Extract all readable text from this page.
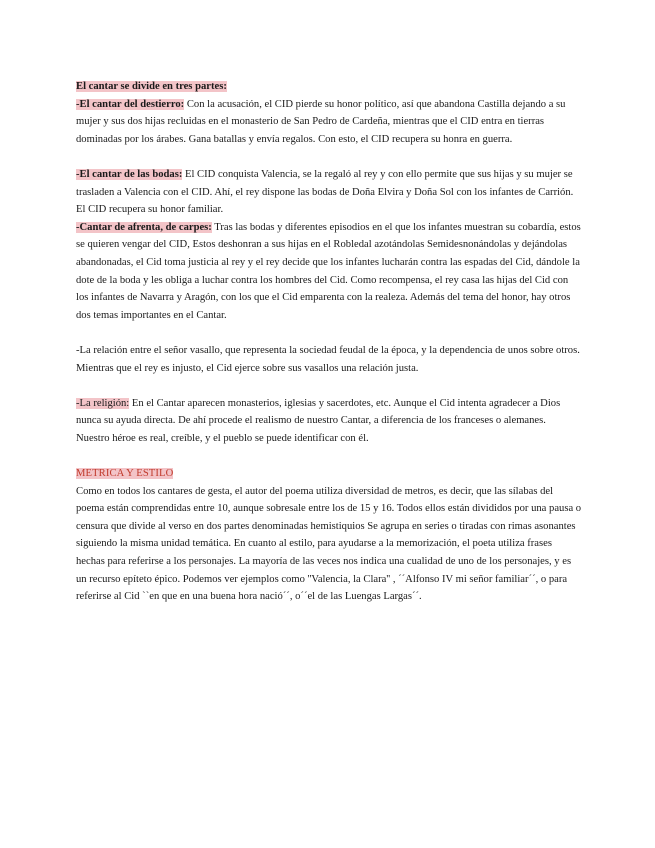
El cantar se divide en tres partes:

-El cantar del destierro: Con la acusación, el CID pierde su honor político, así que abandona Castilla dejando a su mujer y sus dos hijas recluidas en el monasterio de San Pedro de Cardeña, mientras que el CID entra en tierras dominadas por los árabes. Gana batallas y envía regalos. Con esto, el CID recupera su honra en guerra.

-El cantar de las bodas: El CID conquista Valencia, se la regaló al rey y con ello permite que sus hijas y su mujer se trasladen a Valencia con el CID. Ahí, el rey dispone las bodas de Doña Elvira y Doña Sol con los infantes de Carrión. El CID recupera su honor familiar.

-Cantar de afrenta, de carpes: Tras las bodas y diferentes episodios en el que los infantes muestran su cobardía, estos se quieren vengar del CID, Estos deshonran a sus hijas en el Robledal azotándolas Semidesnonándolas y dejándolas abandonadas, el Cid toma justicia al rey y el rey decide que los infantes lucharán contra las espadas del Cid, dándole la dote de la boda y les obliga a luchar contra los hombres del Cid. Como recompensa, el rey casa las hijas del Cid con los infantes de Navarra y Aragón, con los que el Cid emparenta con la realeza. Además del tema del honor, hay otros dos temas importantes en el Cantar.

-La relación entre el señor vasallo, que representa la sociedad feudal de la época, y la dependencia de unos sobre otros. Mientras que el rey es injusto, el Cid ejerce sobre sus vasallos una relación justa.

-La religión: En el Cantar aparecen monasterios, iglesias y sacerdotes, etc. Aunque el Cid intenta agradecer a Dios nunca su ayuda directa. De ahí procede el realismo de nuestro Cantar, a diferencia de los franceses o alemanes. Nuestro héroe es real, creíble, y el pueblo se puede identificar con él.

METRICA Y ESTILO

Como en todos los cantares de gesta, el autor del poema utiliza diversidad de metros, es decir, que las sílabas del poema están comprendidas entre 10, aunque sobresale entre los de 15 y 16. Todos ellos están divididos por una pausa o censura que divide al verso en dos partes denominadas hemistiquios Se agrupa en series o tiradas con rimas asonantes siguiendo la misma unidad temática. En cuanto al estilo, para ayudarse a la memorización, el poeta utiliza frases hechas para referirse a los personajes. La mayoría de las veces nos indica una cualidad de uno de los personajes, y es un recurso epíteto épico. Podemos ver ejemplos como ''Valencia, la Clara'' , ´´Alfonso IV mi señor familiar´´, o para referirse al Cid ``en que en una buena hora nació´´, o´´el de las Luengas Largas´´.
